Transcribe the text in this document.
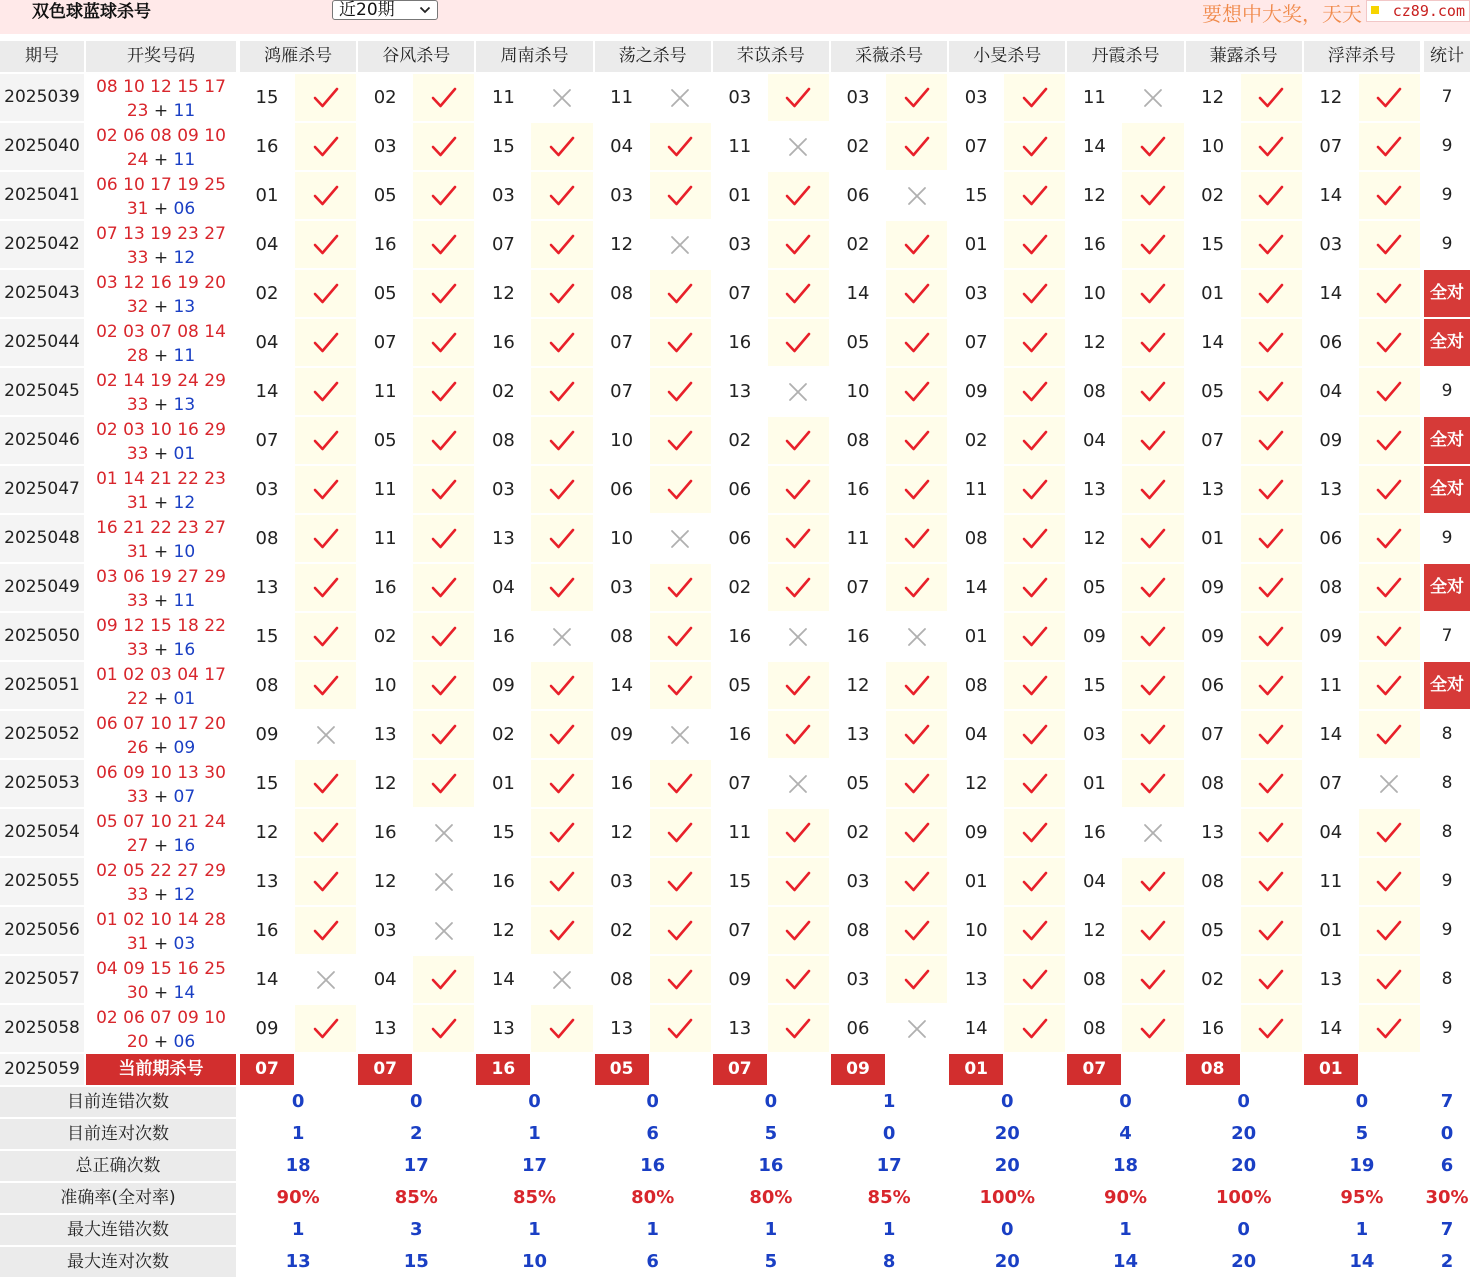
双色球蓝球杀号	近20期	要想中大奖，天天	cz89.com
期号	开奖号码	鸿雁杀号	谷风杀号	周南杀号	荡之杀号	芣苡杀号	采薇杀号	小旻杀号	丹霞杀号	蒹露杀号	浮萍杀号	统计
2025039 08 10 12 15 17
23 + 11
15	02	11	11	03	03	03	11	12	12	7
2025040 02 06 08 09 10
24 + 11
16	03	15	04	11	02	07	14	10	07	9
2025041 06 10 17 19 25
31 + 06
01	05	03	03	01	06	15	12	02	14	9
2025042 07 13 19 23 27
33 + 12
04	16	07	12	03	02	01	16	15	03	9
2025043 03 12 16 19 20
32 + 13
02	05	12	08	07	14	03	10	01	14	全对
2025044 02 03 07 08 14
28 + 11
04	07	16	07	16	05	07	12	14	06	全对
2025045 02 14 19 24 29
33 + 13
14	11	02	07	13	10	09	08	05	04	9
2025046 02 03 10 16 29
33 + 01
07	05	08	10	02	08	02	04	07	09	全对
2025047 01 14 21 22 23
31 + 12
03	11	03	06	06	16	11	13	13	13	全对
2025048 16 21 22 23 27
31 + 10
08	11	13	10	06	11	08	12	01	06	9
2025049 03 06 19 27 29
33 + 11
13	16	04	03	02	07	14	05	09	08	全对
2025050 09 12 15 18 22
33 + 16
15	02	16	08	16	16	01	09	09	09	7
2025051 01 02 03 04 17
22 + 01
08	10	09	14	05	12	08	15	06	11	全对
2025052 06 07 10 17 20
26 + 09
09	13	02	09	16	13	04	03	07	14	8
2025053 06 09 10 13 30
33 + 07
15	12	01	16	07	05	12	01	08	07	8
2025054 05 07 10 21 24
27 + 16
12	16	15	12	11	02	09	16	13	04	8
2025055 02 05 22 27 29
33 + 12
13	12	16	03	15	03	01	04	08	11	9
2025056 01 02 10 14 28
31 + 03
16	03	12	02	07	08	10	12	05	01	9
2025057 04 09 15 16 25
30 + 14
14	04	14	08	09	03	13	08	02	13	8
2025058 02 06 07 09 10
20 + 06
09	13	13	13	13	06	14	08	16	14	9
2025059	当前期杀号	07	07	16	05	07	09	01	07	08	01
目前连错次数	0	0	0	0	0	1	0	0	0	0	7
目前连对次数	1	2	1	6	5	0	20	4	20	5	0
总正确次数	18	17	17	16	16	17	20	18	20	19	6
准确率(全对率)	90%	85%	85%	80%	80%	85%	100%	90%	100%	95%	30%
最大连错次数	1	3	1	1	1	1	0	1	0	1	7
最大连对次数	13	15	10	6	5	8	20	14	20	14	2
